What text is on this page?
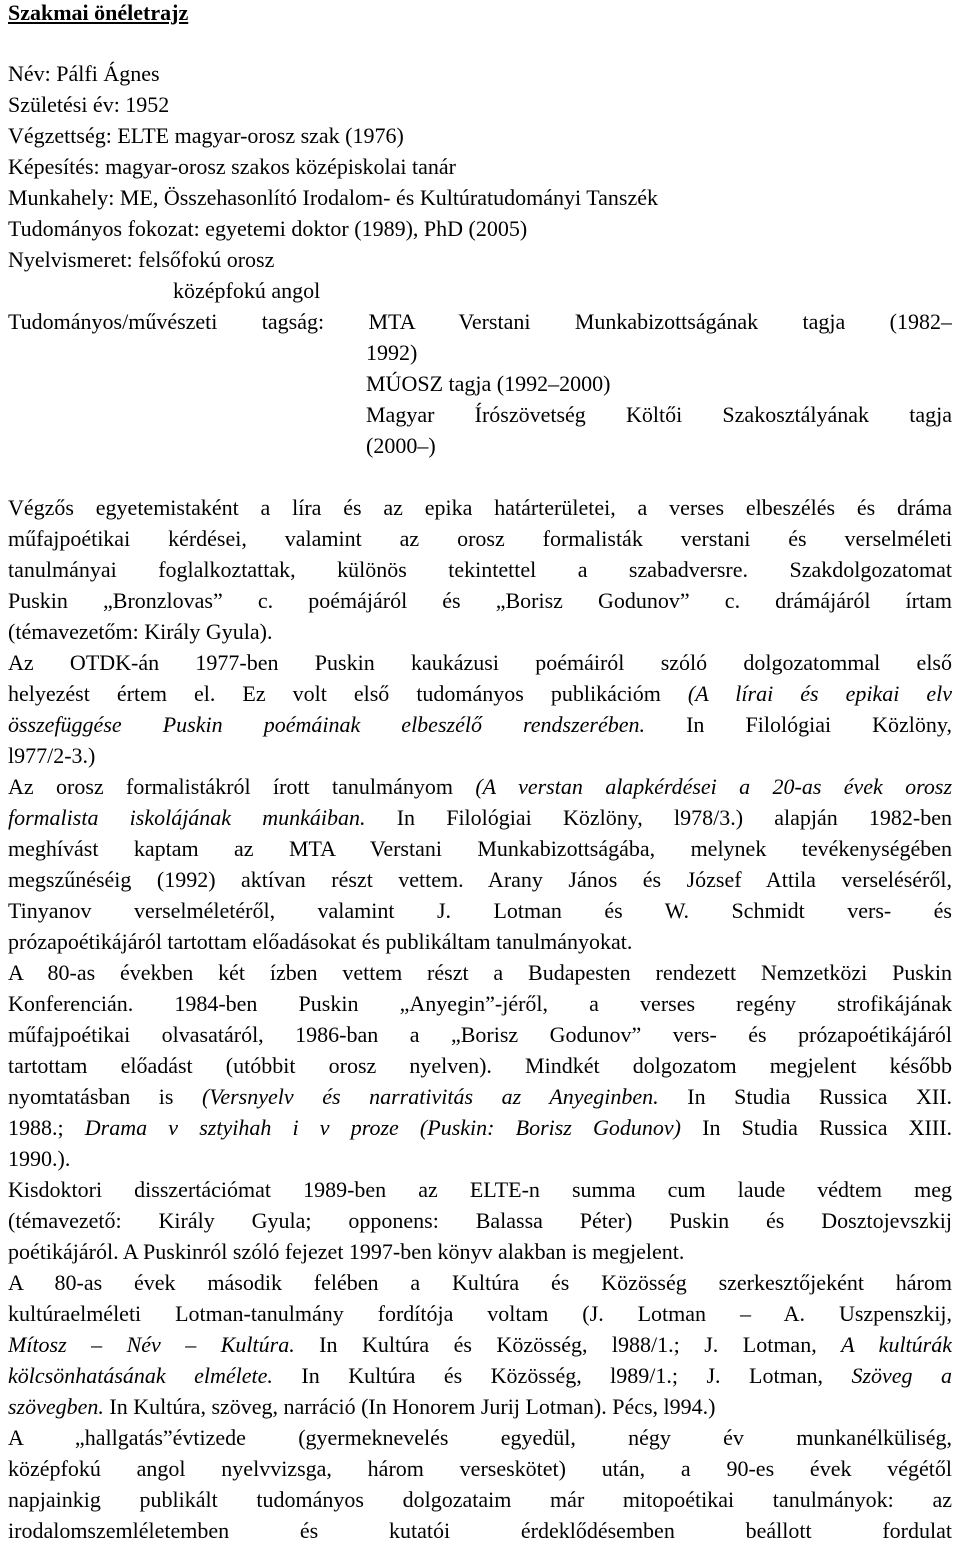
Szakmai önéletrajz
Név: Pálfi Ágnes
Születési év: 1952
Végzettség: ELTE magyar-orosz szak (1976)
Képesítés: magyar-orosz szakos középiskolai tanár
Munkahely: ME, Összehasonlító Irodalom- és Kultúratudományi Tanszék
Tudományos fokozat: egyetemi doktor (1989), PhD (2005)
Nyelvismeret: felsőfokú orosz
középfokú angol
Tudományos/művészeti tagság: MTA Verstani Munkabizottságának tagja (1982–
1992)
MÚOSZ tagja (1992–2000)
Magyar Írószövetség Költői Szakosztályának tagja
(2000–)
Végzős egyetemistaként a líra és az epika határterületei, a verses elbeszélés és dráma
műfajpoétikai kérdései, valamint az orosz formalisták verstani és verselméleti
tanulmányai foglalkoztattak, különös tekintettel a szabadversre. Szakdolgozatomat
Puskin „Bronzlovas” c. poémájáról és „Borisz Godunov” c. drámájáról írtam
(témavezetőm: Király Gyula).
Az OTDK-án 1977-ben Puskin kaukázusi poémáiról szóló dolgozatommal első
helyezést értem el. Ez volt első tudományos publikációm (A lírai és epikai elv
összefüggése Puskin poémáinak elbeszélő rendszerében. In Filológiai Közlöny,
l977/2-3.)
Az orosz formalistákról írott tanulmányom (A verstan alapkérdései a 20-as évek orosz
formalista iskolájának munkáiban. In Filológiai Közlöny, l978/3.) alapján 1982-ben
meghívást kaptam az MTA Verstani Munkabizottságába, melynek tevékenységében
megszűnéséig (1992) aktívan részt vettem. Arany János és József Attila verseléséről,
Tinyanov verselméletéről, valamint J. Lotman és W. Schmidt vers- és
prózapoétikájáról tartottam előadásokat és publikáltam tanulmányokat.
A 80-as években két ízben vettem részt a Budapesten rendezett Nemzetközi Puskin
Konferencián. 1984-ben Puskin „Anyegin”-jéről, a verses regény strofikájának
műfajpoétikai olvasatáról, 1986-ban a „Borisz Godunov” vers- és prózapoétikájáról
tartottam előadást (utóbbit orosz nyelven). Mindkét dolgozatom megjelent később
nyomtatásban is (Versnyelv és narrativitás az Anyeginben. In Studia Russica XII.
1988.; Drama v sztyihah i v proze (Puskin: Borisz Godunov) In Studia Russica XIII.
1990.).
Kisdoktori disszertációmat 1989-ben az ELTE-n summa cum laude védtem meg
(témavezető: Király Gyula; opponens: Balassa Péter) Puskin és Dosztojevszkij
poétikájáról. A Puskinról szóló fejezet 1997-ben könyv alakban is megjelent.
A 80-as évek második felében a Kultúra és Közösség szerkesztőjeként három
kultúraelméleti Lotman-tanulmány fordítója voltam (J. Lotman – A. Uszpenszkij,
Mítosz – Név – Kultúra. In Kultúra és Közösség, l988/1.; J. Lotman, A kultúrák
kölcsönhatásának elmélete. In Kultúra és Közösség, l989/1.; J. Lotman, Szöveg a
szövegben. In Kultúra, szöveg, narráció (In Honorem Jurij Lotman). Pécs, l994.)
A „hallgatás”évtizede (gyermeknevelés egyedül, négy év munkanélküliség,
középfokú angol nyelvvizsga, három verseskötet) után, a 90-es évek végétől
napjainkig publikált tudományos dolgozataim már mitopoétikai tanulmányok: az
irodalomszemléletemben és kutatói érdeklődésemben beállott fordulat
